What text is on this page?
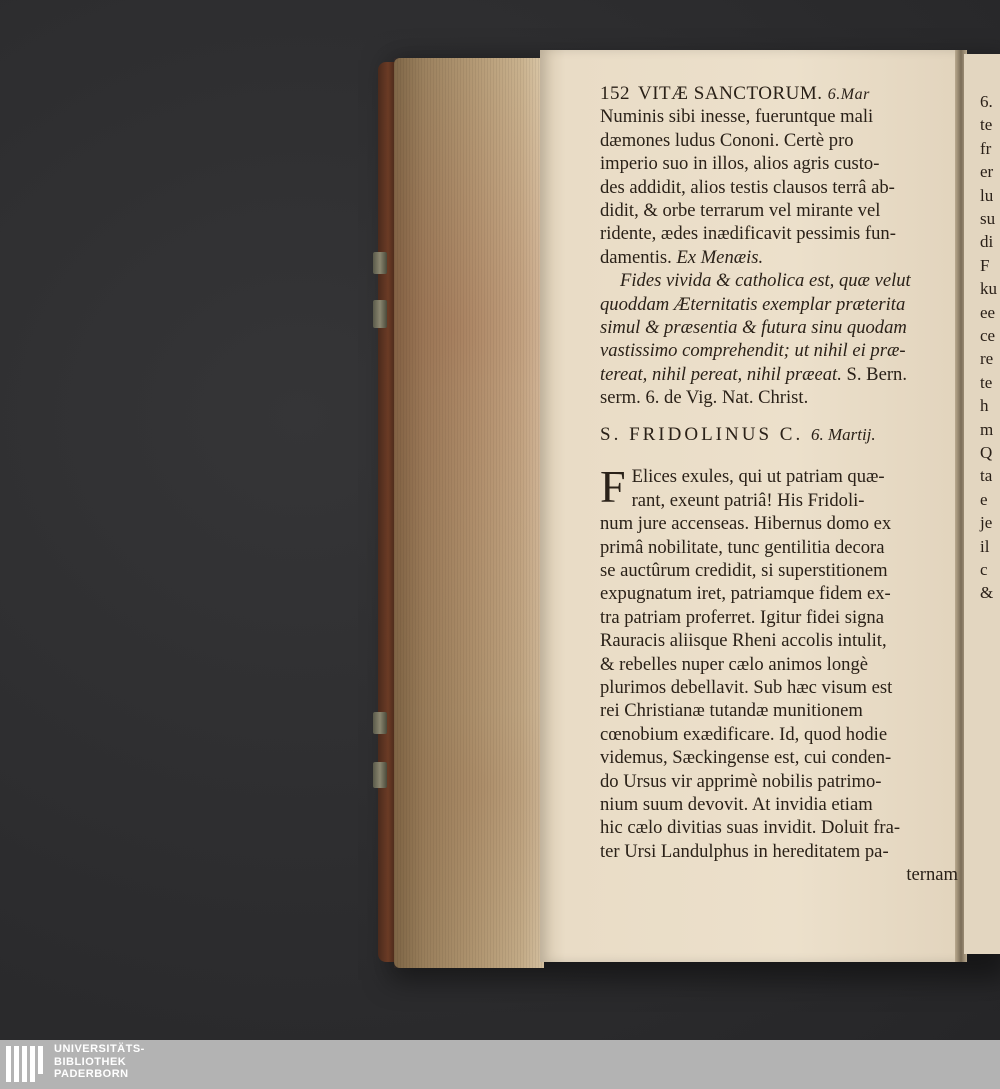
6.
te
fr
er
lu
su
di
F
ku
ee
ce
re
te
h
m
Q
ta
e
je
il
c
&
152 VITÆ SANCTORUM. 6.Mar
Numinis sibi inesse, fueruntque mali
dæmones ludus Cononi. Certè pro
imperio suo in illos, alios agris custo-
des addidit, alios testis clausos terrâ ab-
didit, & orbe terrarum vel mirante vel
ridente, ædes inædificavit pessimis fun-
damentis. Ex Menæis.
Fides vivida & catholica est, quæ velut
quoddam Æternitatis exemplar præterita
simul & præsentia & futura sinu quodam
vastissimo comprehendit; ut nihil ei præ-
tereat, nihil pereat, nihil præeat. S. Bern.
serm. 6. de Vig. Nat. Christ.
S. FRIDOLINUS C. 6. Martij.
F Elices exules, qui ut patriam quæ-
rant, exeunt patriâ! His Fridoli-
num jure accenseas. Hibernus domo ex
primâ nobilitate, tunc gentilitia decora
se auctûrum credidit, si superstitionem
expugnatum iret, patriamque fidem ex-
tra patriam proferret. Igitur fidei signa
Rauracis aliisque Rheni accolis intulit,
& rebelles nuper cælo animos longè
plurimos debellavit. Sub hæc visum est
rei Christianæ tutandæ munitionem
cœnobium exædificare. Id, quod hodie
videmus, Sæckingense est, cui conden-
do Ursus vir apprimè nobilis patrimo-
nium suum devovit. At invidia etiam
hic cælo divitias suas invidit. Doluit fra-
ter Ursi Landulphus in hereditatem pa-
ternam
UNIVERSITÄTS-
BIBLIOTHEK
PADERBORN
